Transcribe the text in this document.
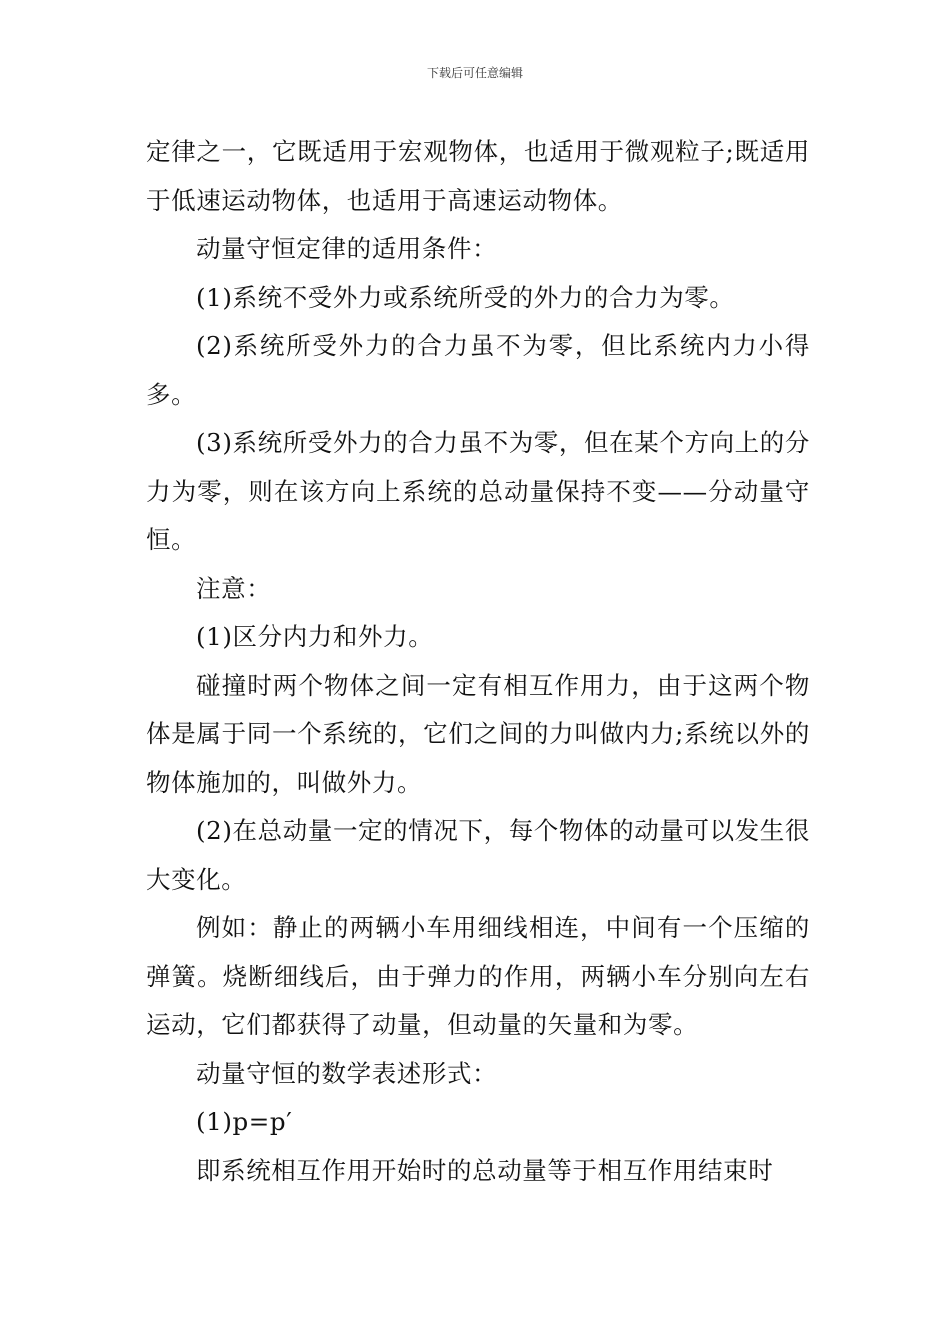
下载后可任意编辑

定律之一，它既适用于宏观物体，也适用于微观粒子;既适用于低速运动物体，也适用于高速运动物体。

动量守恒定律的适用条件：

(1)系统不受外力或系统所受的外力的合力为零。

(2)系统所受外力的合力虽不为零，但比系统内力小得多。

(3)系统所受外力的合力虽不为零，但在某个方向上的分力为零，则在该方向上系统的总动量保持不变——分动量守恒。

注意：

(1)区分内力和外力。

碰撞时两个物体之间一定有相互作用力，由于这两个物体是属于同一个系统的，它们之间的力叫做内力;系统以外的物体施加的，叫做外力。

(2)在总动量一定的情况下，每个物体的动量可以发生很大变化。

例如：静止的两辆小车用细线相连，中间有一个压缩的弹簧。烧断细线后，由于弹力的作用，两辆小车分别向左右运动，它们都获得了动量，但动量的矢量和为零。

动量守恒的数学表述形式：

(1)p=p′

即系统相互作用开始时的总动量等于相互作用结束时
